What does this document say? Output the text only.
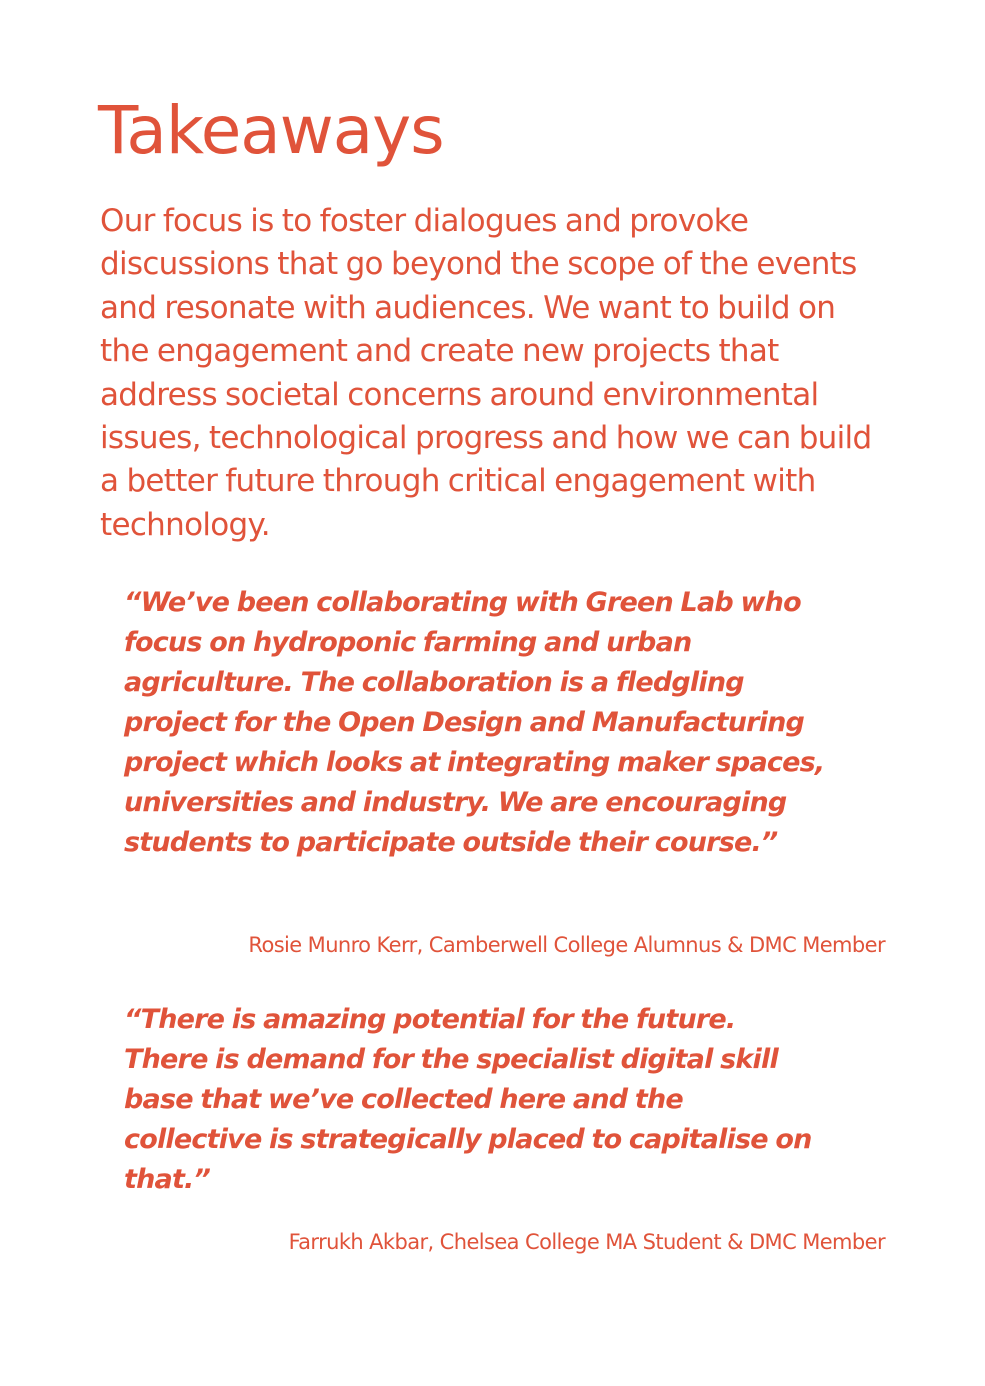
Takeaways

Our focus is to foster dialogues and provoke discussions that go beyond the scope of the events and resonate with audiences. We want to build on the engagement and create new projects that address societal concerns around environmental issues, technological progress and how we can build a better future through critical engagement with technology.

“We’ve been collaborating with Green Lab who focus on hydroponic farming and urban agriculture. The collaboration is a fledgling project for the Open Design and Manufacturing project which looks at integrating maker spaces, universities and industry. We are encouraging students to participate outside their course.”

Rosie Munro Kerr, Camberwell College Alumnus & DMC Member

“There is amazing potential for the future. There is demand for the specialist digital skill base that we’ve collected here and the collective is strategically placed to capitalise on that.”

Farrukh Akbar, Chelsea College MA Student & DMC Member
